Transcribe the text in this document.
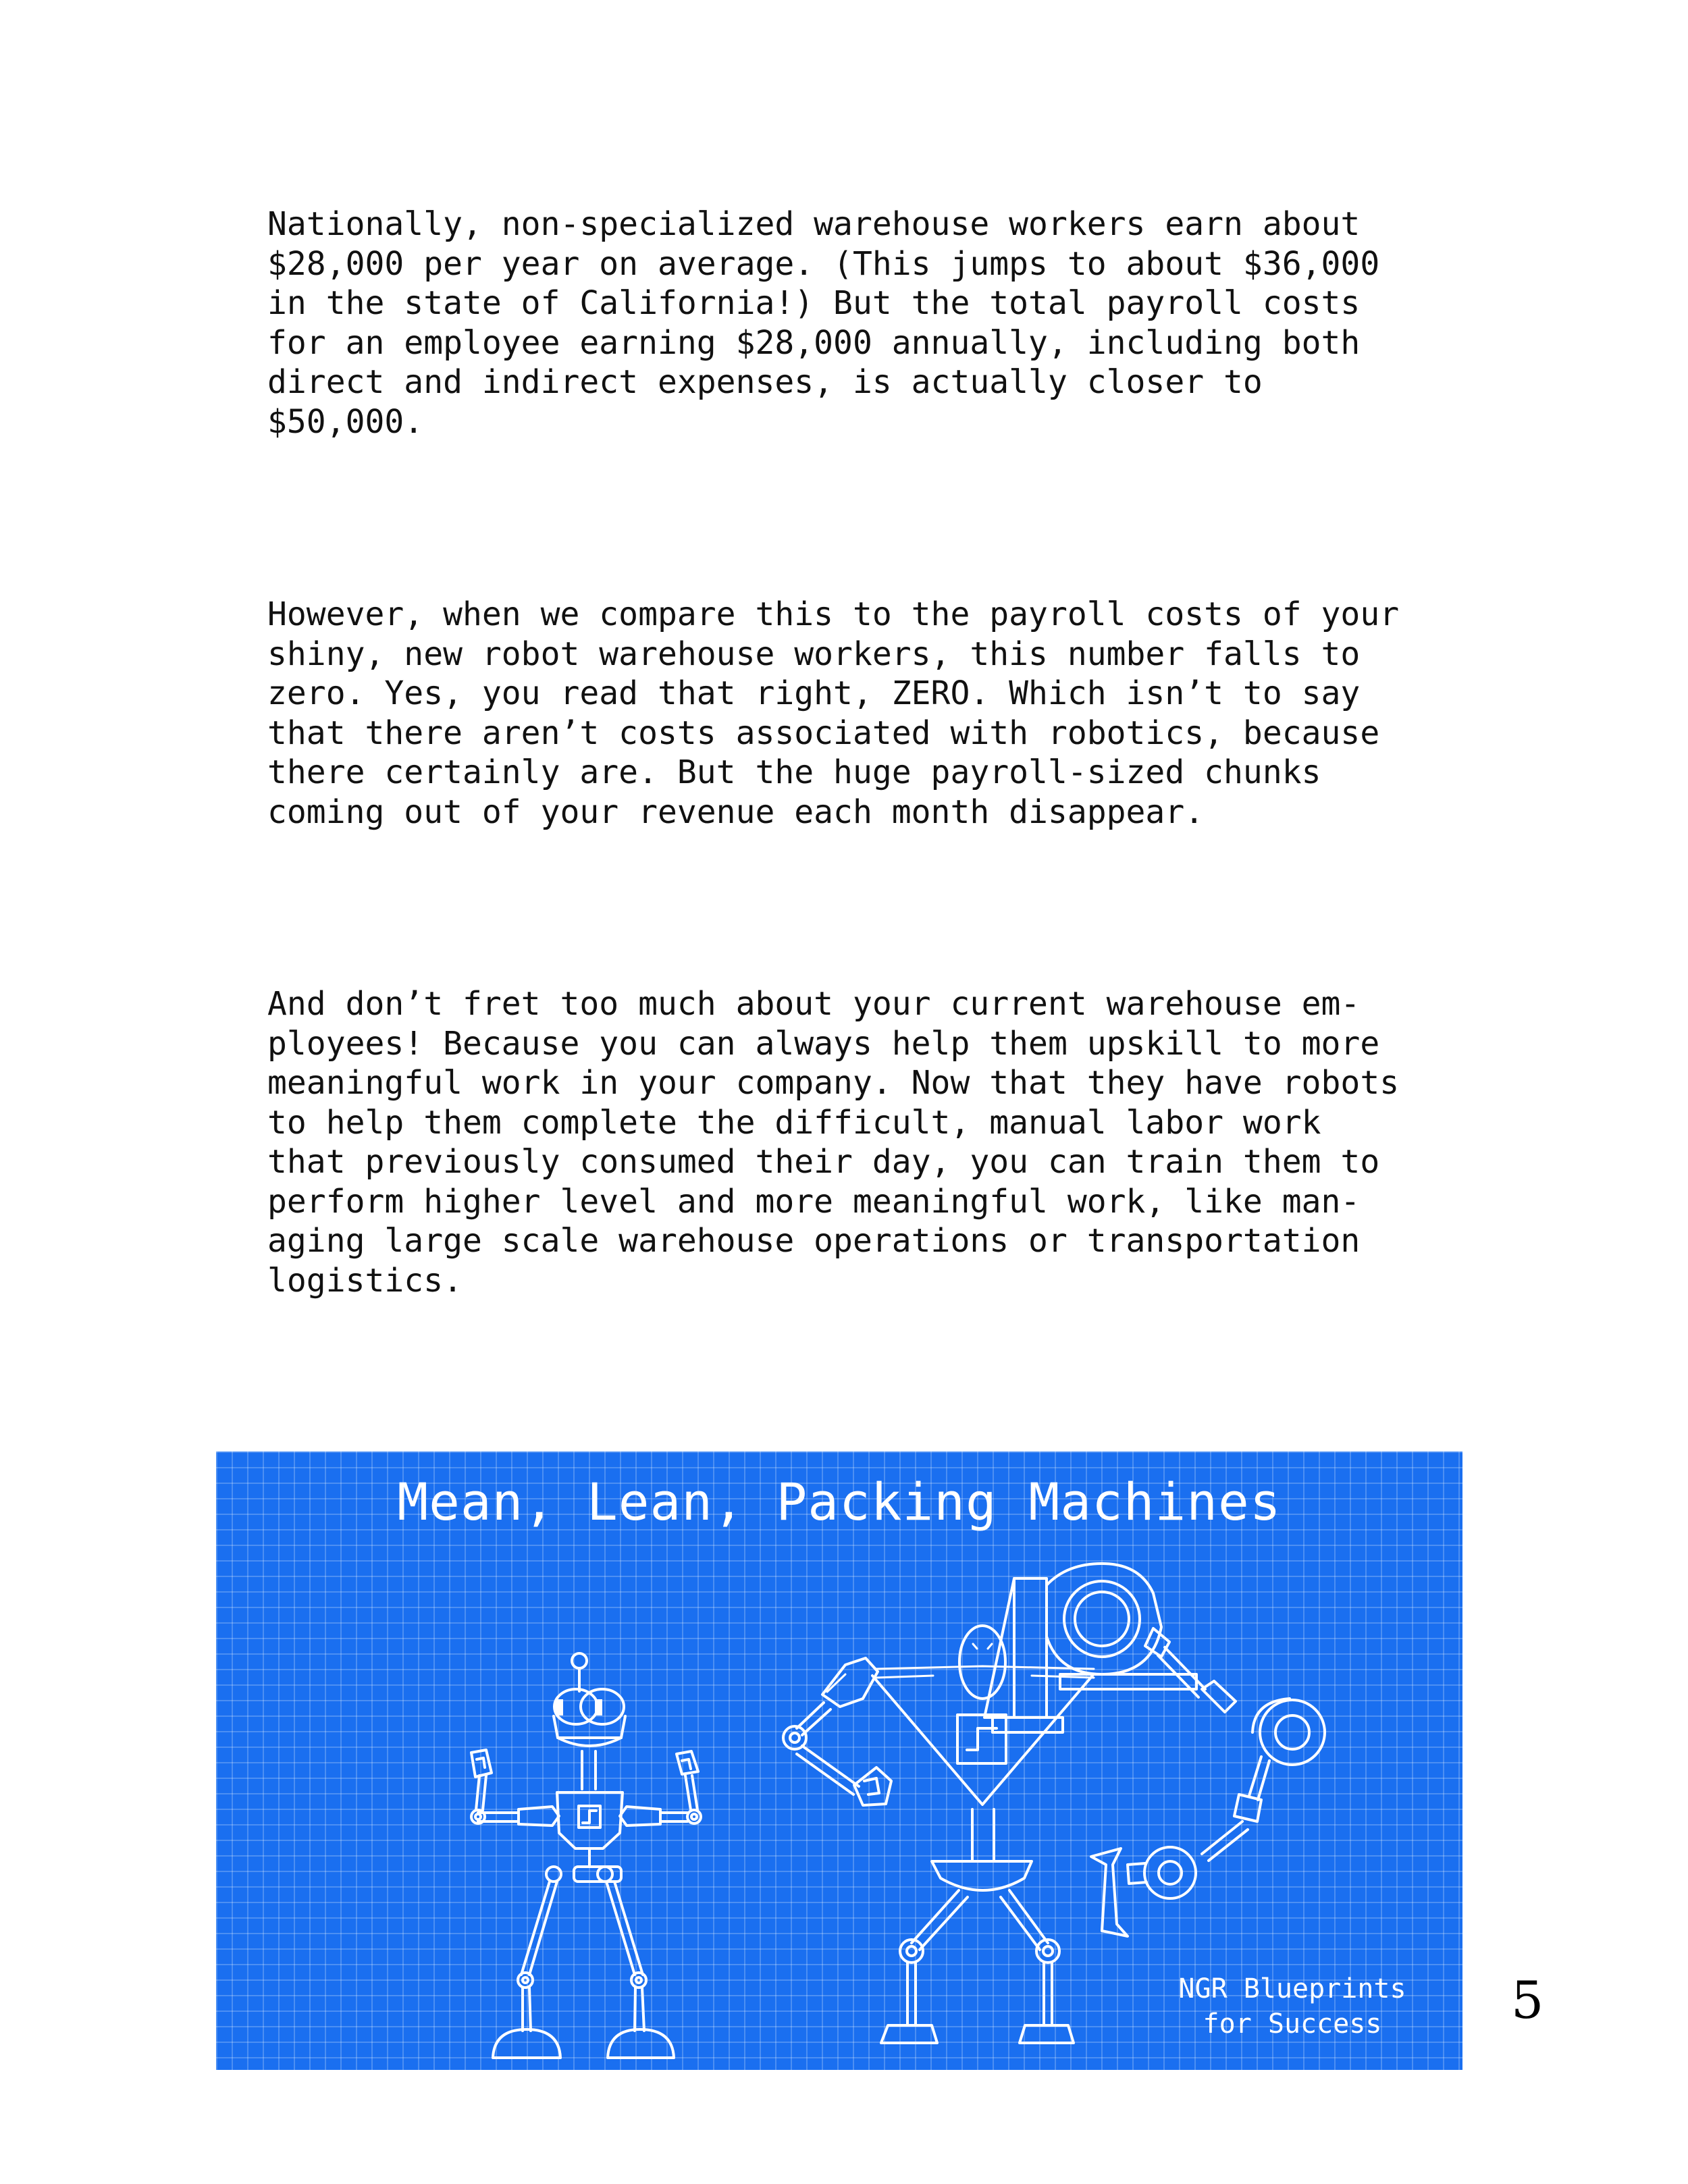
Nationally, non-specialized warehouse workers earn about
$28,000 per year on average. (This jumps to about $36,000
in the state of California!) But the total payroll costs
for an employee earning $28,000 annually, including both
direct and indirect expenses, is actually closer to
$50,000.

However, when we compare this to the payroll costs of your
shiny, new robot warehouse workers, this number falls to
zero. Yes, you read that right, ZERO. Which isn’t to say
that there aren’t costs associated with robotics, because
there certainly are. But the huge payroll-sized chunks
coming out of your revenue each month disappear.

And don’t fret too much about your current warehouse em-
ployees! Because you can always help them upskill to more
meaningful work in your company. Now that they have robots
to help them complete the difficult, manual labor work
that previously consumed their day, you can train them to
perform higher level and more meaningful work, like man-
aging large scale warehouse operations or transportation
logistics.

Mean, Lean, Packing Machines
NGR Blueprints
for Success	5
